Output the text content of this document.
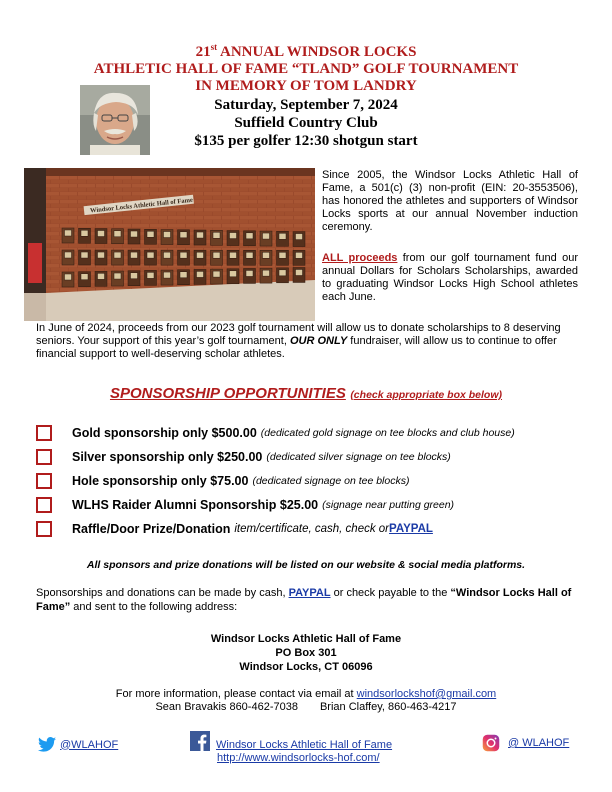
21st ANNUAL WINDSOR LOCKS
ATHLETIC HALL OF FAME “TLAND” GOLF TOURNAMENT
IN MEMORY OF TOM LANDRY
Saturday, September 7, 2024
Suffield Country Club
$135 per golfer 12:30 shotgun start
Windsor Locks Athletic Hall of Fame
Since 2005, the Windsor Locks Athletic Hall of Fame, a 501(c) (3) non-profit (EIN: 20-3553506), has honored the athletes and supporters of Windsor Locks sports at our annual November induction ceremony.
ALL proceeds from our golf tournament fund our annual Dollars for Scholars Scholarships, awarded to graduating Windsor Locks High School athletes each June.
In June of 2024, proceeds from our 2023 golf tournament will allow us to donate scholarships to 8 deserving seniors. Your support of this year’s golf tournament, OUR ONLY fundraiser, will allow us to continue to offer financial support to well-deserving scholar athletes.
SPONSORSHIP OPPORTUNITIES (check appropriate box below)
Gold sponsorship only $500.00 (dedicated gold signage on tee blocks and club house)
Silver sponsorship only $250.00 (dedicated silver signage on tee blocks)
Hole sponsorship only $75.00 (dedicated signage on tee blocks)
WLHS Raider Alumni Sponsorship $25.00 (signage near putting green)
Raffle/Door Prize/Donation item/certificate, cash, check or PAYPAL
All sponsors and prize donations will be listed on our website & social media platforms.
Sponsorships and donations can be made by cash, PAYPAL or check payable to the “Windsor Locks Hall of Fame” and sent to the following address:
Windsor Locks Athletic Hall of Fame
PO Box 301
Windsor Locks, CT 06096
For more information, please contact via email at windsorlockshof@gmail.com
Sean Bravakis 860-462-7038 Brian Claffey, 860-463-4217
@WLAHOF	Windsor Locks Athletic Hall of Fame
http://www.windsorlocks-hof.com/
@ WLAHOF
